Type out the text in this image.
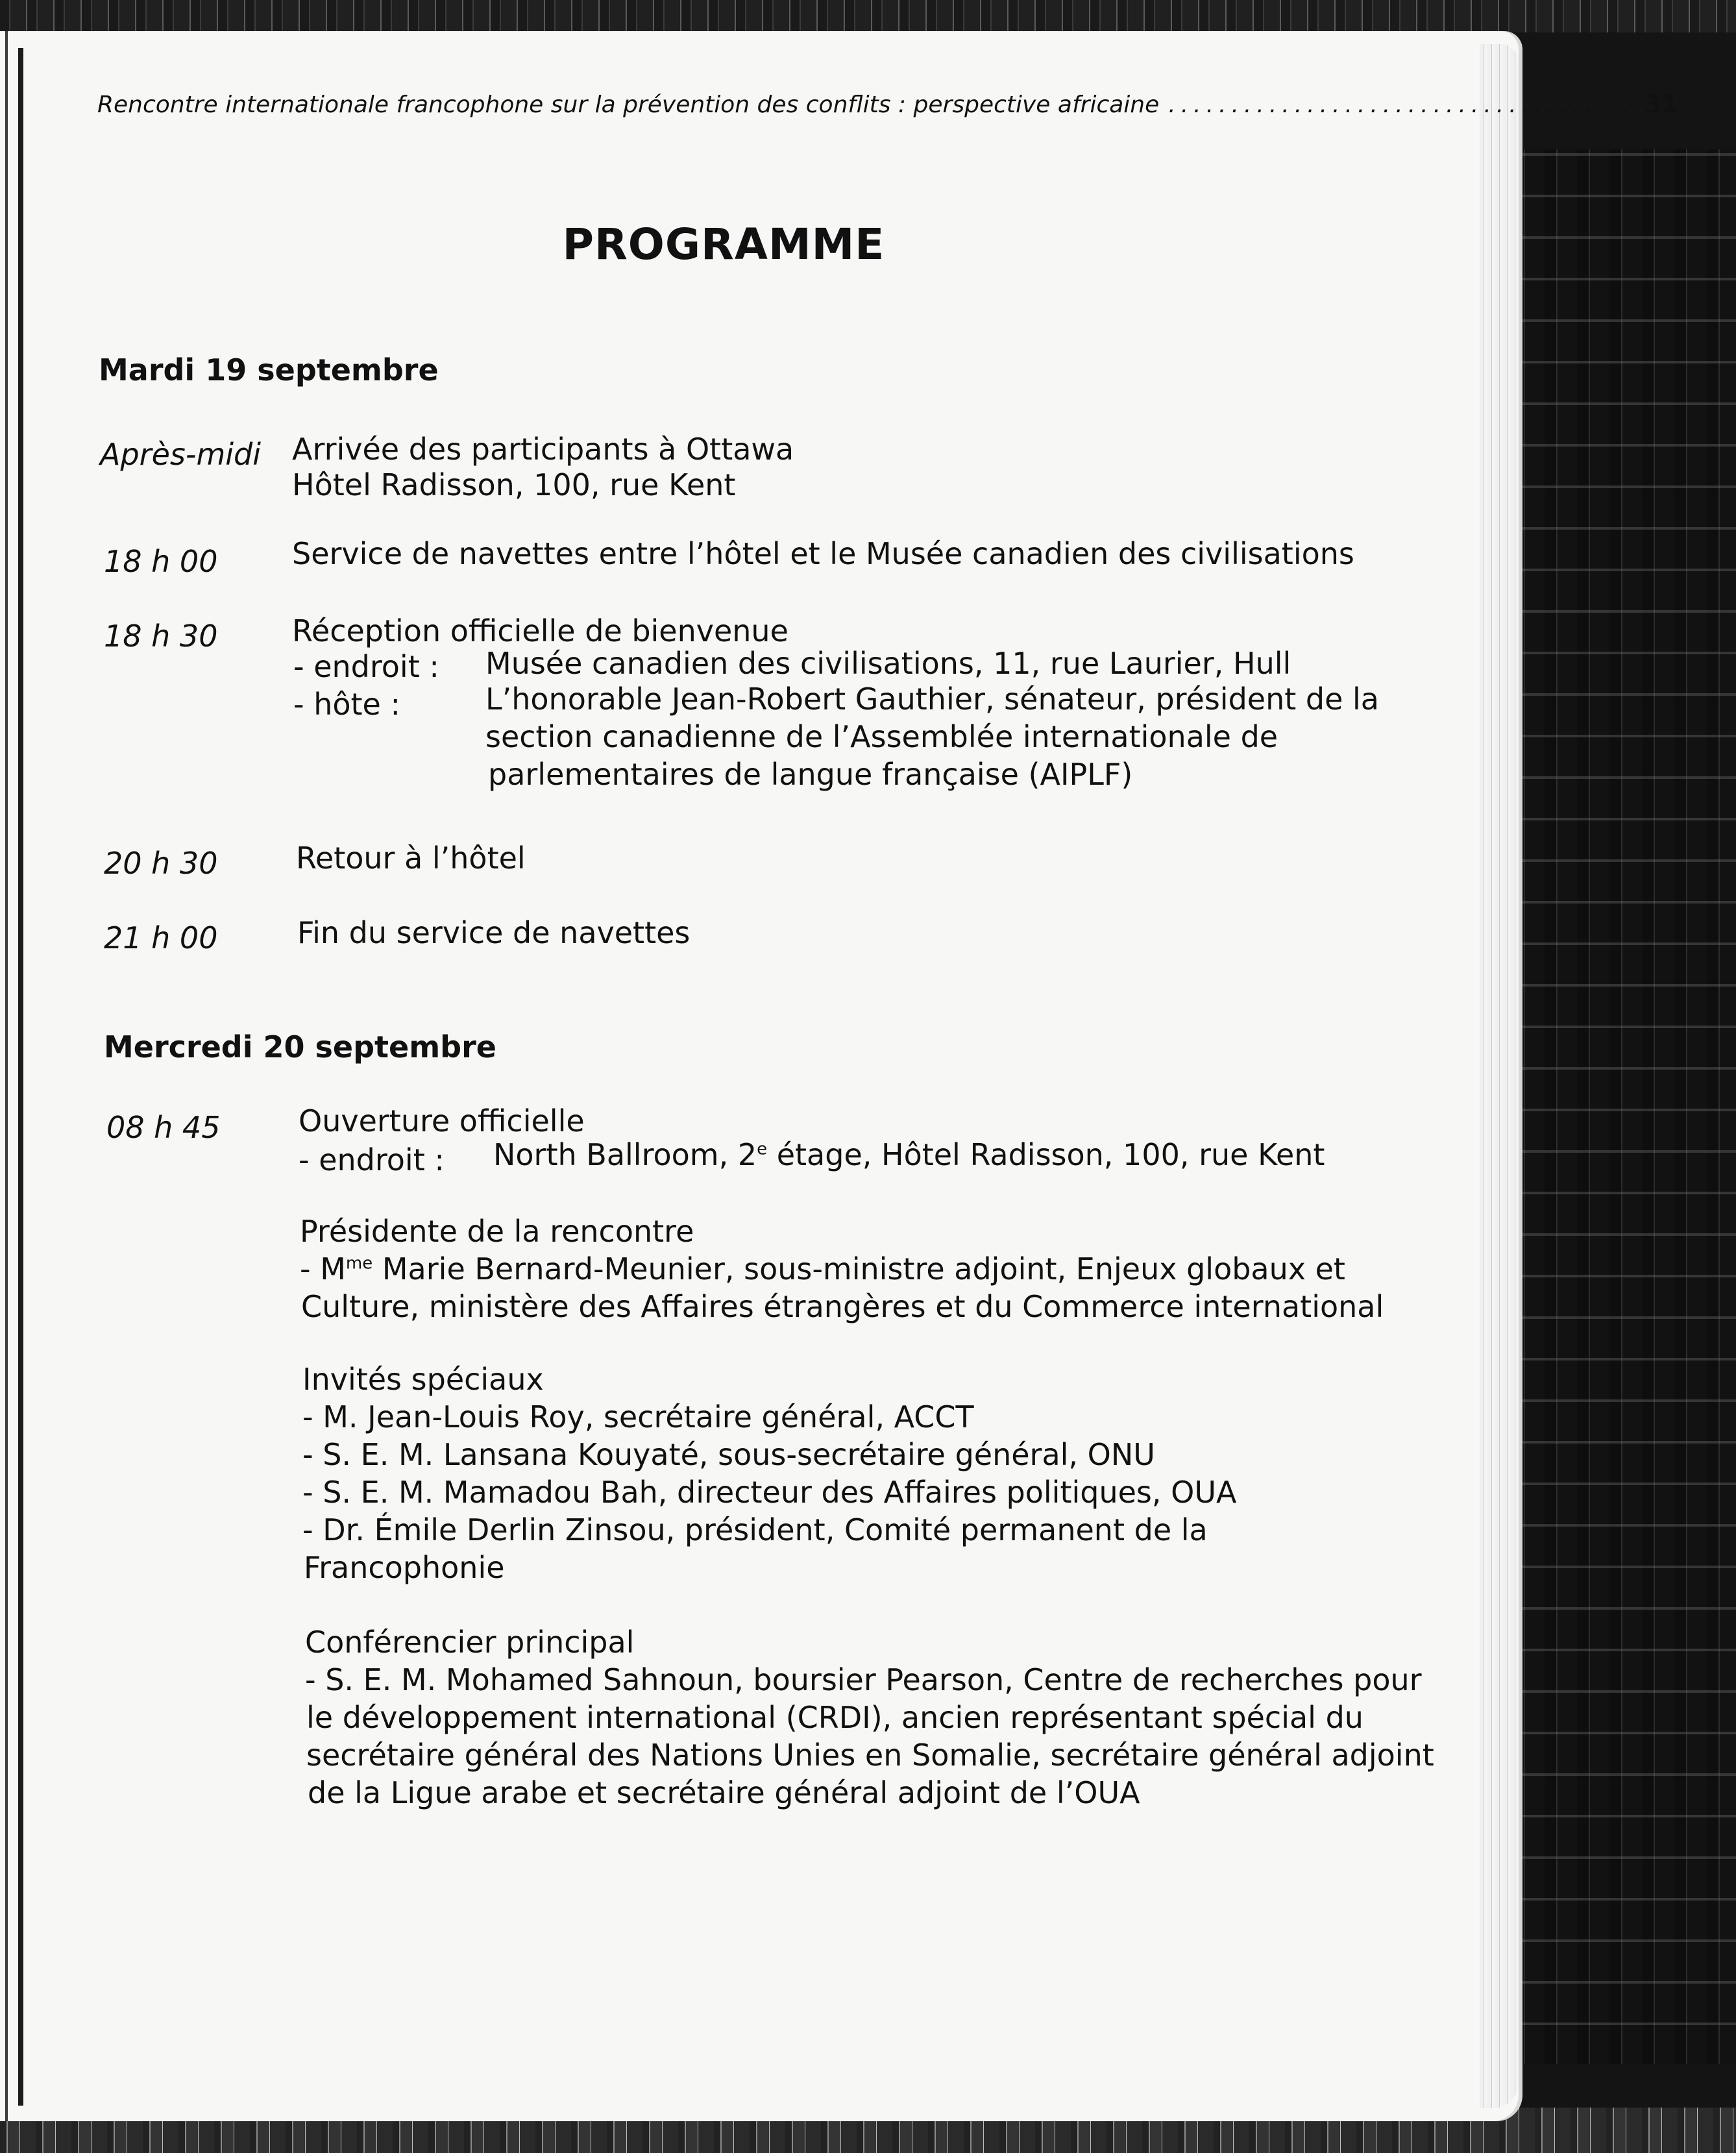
Rencontre internationale francophone sur la prévention des conflits : perspective africaine ..................................... 31
PROGRAMME
Mardi 19 septembre
Après-midi Arrivée des participants à Ottawa
Hôtel Radisson, 100, rue Kent
18 h 00 Service de navettes entre l’hôtel et le Musée canadien des civilisations
18 h 30 Réception officielle de bienvenue
- endroit : Musée canadien des civilisations, 11, rue Laurier, Hull
- hôte :	L’honorable Jean-Robert Gauthier, sénateur, président de la
section canadienne de l’Assemblée internationale de
parlementaires de langue française (AIPLF)
20 h 30	Retour à l’hôtel
21 h 00	Fin du service de navettes
Mercredi 20 septembre
08 h 45	Ouverture officielle
- endroit : North Ballroom, 2e étage, Hôtel Radisson, 100, rue Kent
Présidente de la rencontre
- $M^{me}$ Marie Bernard-Meunier, sous-ministre adjoint, Enjeux globaux et
Culture, ministère des Affaires étrangères et du Commerce international
Invités spéciaux
- M. Jean-Louis Roy, secrétaire général, ACCT
- S. E. M. Lansana Kouyaté, sous-secrétaire général, ONU
- S. E. M. Mamadou Bah, directeur des Affaires politiques, OUA
- Dr. Émile Derlin Zinsou, président, Comité permanent de la
Francophonie
Conférencier principal
- S. E. M. Mohamed Sahnoun, boursier Pearson, Centre de recherches pour
le développement international (CRDI), ancien représentant spécial du
secrétaire général des Nations Unies en Somalie, secrétaire général adjoint
de la Ligue arabe et secrétaire général adjoint de l’OUA
